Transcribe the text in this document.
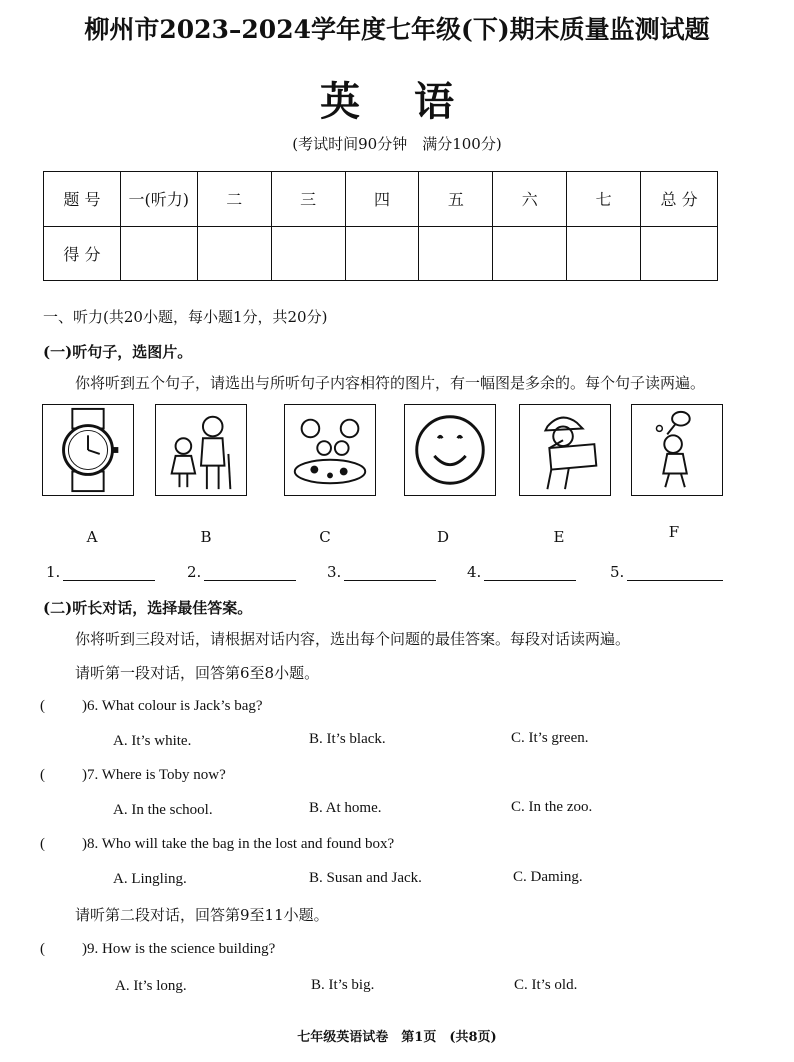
柳州市2023–2024学年度七年级(下)期末质量监测试题
英 语
(考试时间90分钟　满分100分)
题 号	一(听力)	二	三	四	五	六	七	总 分
得 分								
一、听力(共20小题，每小题1分，共20分)
(一)听句子，选图片。
你将听到五个句子，请选出与所听句子内容相符的图片，有一幅图是多余的。每个句子读两遍。
A	B	C	D	E	F
1.	2.	3.	4.	5.
(二)听长对话，选择最佳答案。
你将听到三段对话，请根据对话内容，选出每个问题的最佳答案。每段对话读两遍。
请听第一段对话，回答第6至8小题。
( )6. What colour is Jack’s bag?
A. It’s white.	B. It’s black.	C. It’s green.
( )7. Where is Toby now?
A. In the school.	B. At home.	C. In the zoo.
( )8. Who will take the bag in the lost and found box?
A. Lingling.	B. Susan and Jack.	C. Daming.
请听第二段对话，回答第9至11小题。
( )9. How is the science building?
A. It’s long.	B. It’s big.	C. It’s old.
七年级英语试卷　第1页　(共8页)
